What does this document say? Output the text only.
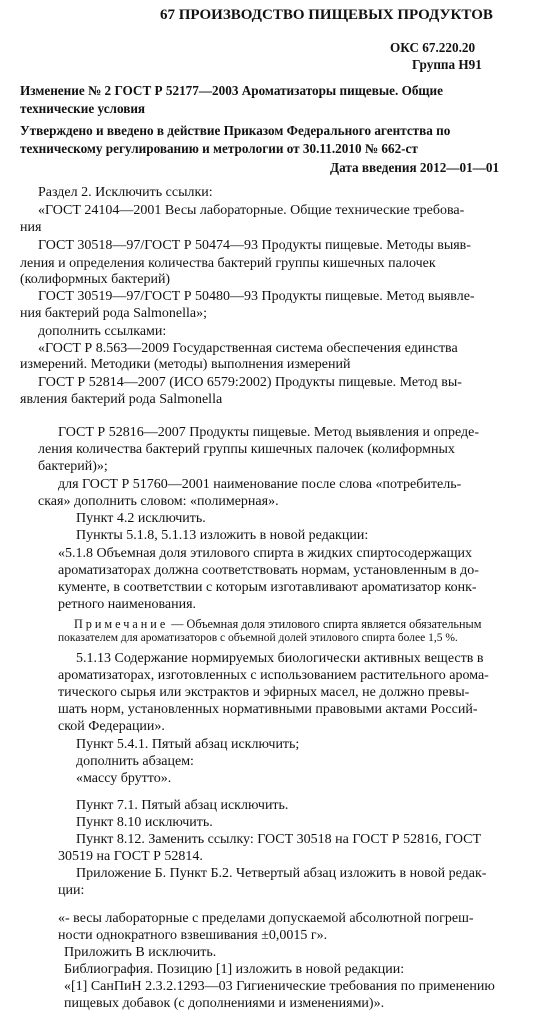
67 ПРОИЗВОДСТВО ПИЩЕВЫХ ПРОДУКТОВ
ОКС 67.220.20
Группа Н91
Изменение № 2 ГОСТ Р 52177—2003 Ароматизаторы пищевые. Общие
технические условия
Утверждено и введено в действие Приказом Федерального агентства по
техническому регулированию и метрологии от 30.11.2010 № 662-ст
Дата введения 2012—01—01
Раздел 2. Исключить ссылки:
«ГОСТ 24104—2001 Весы лабораторные. Общие технические требова-
ния
ГОСТ 30518—97/ГОСТ Р 50474—93 Продукты пищевые. Методы выяв-
ления и определения количества бактерий группы кишечных палочек
(колиформных бактерий)
ГОСТ 30519—97/ГОСТ Р 50480—93 Продукты пищевые. Метод выявле-
ния бактерий рода Salmonella»;
дополнить ссылками:
«ГОСТ Р 8.563—2009 Государственная система обеспечения единства
измерений. Методики (методы) выполнения измерений
ГОСТ Р 52814—2007 (ИСО 6579:2002) Продукты пищевые. Метод вы-
явления бактерий рода Salmonella
ГОСТ Р 52816—2007 Продукты пищевые. Метод выявления и опреде-
ления количества бактерий группы кишечных палочек (колиформных
бактерий)»;
для ГОСТ Р 51760—2001 наименование после слова «потребитель-
ская» дополнить словом: «полимерная».
Пункт 4.2 исключить.
Пункты 5.1.8, 5.1.13 изложить в новой редакции:
«5.1.8 Объемная доля этилового спирта в жидких спиртосодержащих
ароматизаторах должна соответствовать нормам, установленным в до-
кументе, в соответствии с которым изготавливают ароматизатор конк-
ретного наименования.
Примечание — Объемная доля этилового спирта является обязательным
показателем для ароматизаторов с объемной долей этилового спирта более 1,5 %.
5.1.13 Содержание нормируемых биологически активных веществ в
ароматизаторах, изготовленных с использованием растительного арома-
тического сырья или экстрактов и эфирных масел, не должно превы-
шать норм, установленных нормативными правовыми актами Россий-
ской Федерации».
Пункт 5.4.1. Пятый абзац исключить;
дополнить абзацем:
«массу брутто».
Пункт 7.1. Пятый абзац исключить.
Пункт 8.10 исключить.
Пункт 8.12. Заменить ссылку: ГОСТ 30518 на ГОСТ Р 52816, ГОСТ
30519 на ГОСТ Р 52814.
Приложение Б. Пункт Б.2. Четвертый абзац изложить в новой редак-
ции:
«- весы лабораторные с пределами допускаемой абсолютной погреш-
ности однократного взвешивания ±0,0015 г».
Приложить В исключить.
Библиография. Позицию [1] изложить в новой редакции:
«[1] СанПиН 2.3.2.1293—03 Гигиенические требования по применению
пищевых добавок (с дополнениями и изменениями)».
